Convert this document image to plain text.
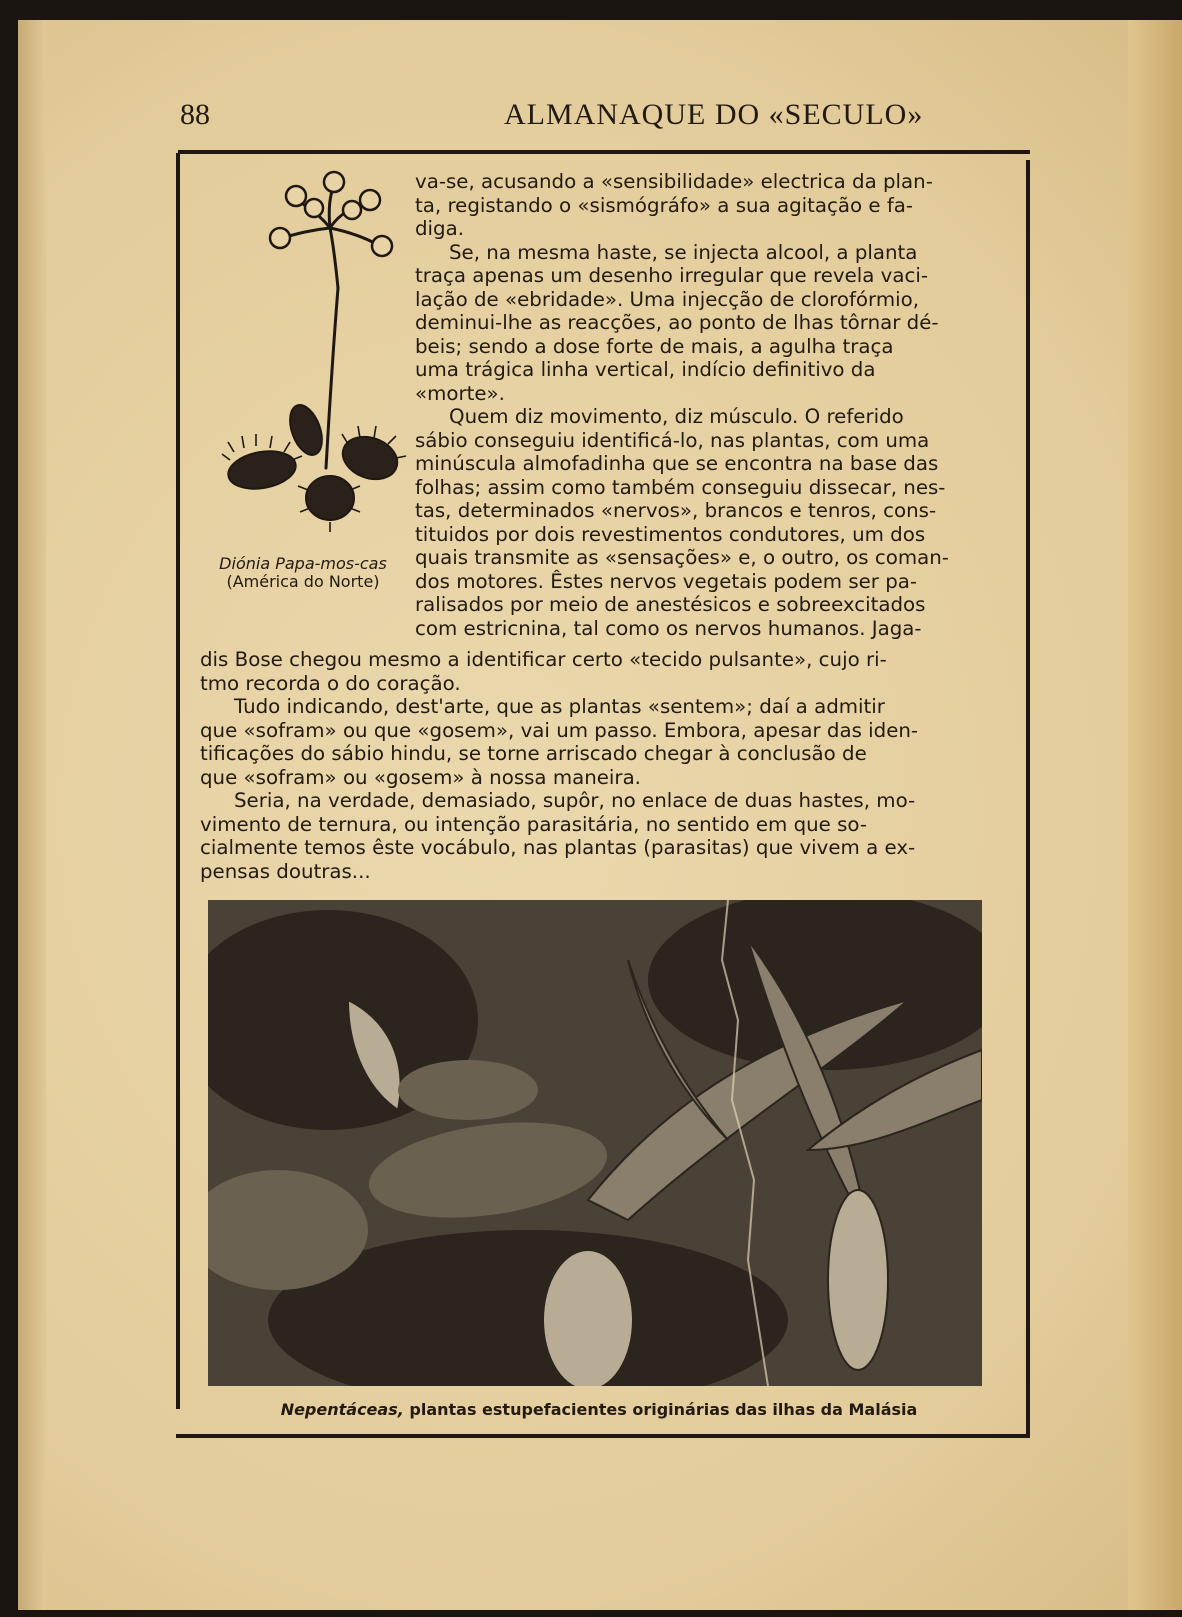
88	ALMANAQUE DO «SECULO»

Diónia Papa-mos-cas (América do Norte)

va-se, acusando a «sensibilidade» electrica da plan-

ta, registando o «sismógráfo» a sua agitação e fa-

diga.

Se, na mesma haste, se injecta alcool, a planta

traça apenas um desenho irregular que revela vaci-

lação de «ebridade». Uma injecção de clorofórmio,

deminui-lhe as reacções, ao ponto de lhas tôrnar dé-

beis; sendo a dose forte de mais, a agulha traça

uma trágica linha vertical, indício definitivo da

«morte».

Quem diz movimento, diz músculo. O referido

sábio conseguiu identificá-lo, nas plantas, com uma

minúscula almofadinha que se encontra na base das

folhas; assim como também conseguiu dissecar, nes-

tas, determinados «nervos», brancos e tenros, cons-

tituidos por dois revestimentos condutores, um dos

quais transmite as «sensações» e, o outro, os coman-

dos motores. Êstes nervos vegetais podem ser pa-

ralisados por meio de anestésicos e sobreexcitados

com estricnina, tal como os nervos humanos. Jaga-

dis Bose chegou mesmo a identificar certo «tecido pulsante», cujo ri-

tmo recorda o do coração.

Tudo indicando, dest'arte, que as plantas «sentem»; daí a admitir

que «sofram» ou que «gosem», vai um passo. Embora, apesar das iden-

tificações do sábio hindu, se torne arriscado chegar à conclusão de

que «sofram» ou «gosem» à nossa maneira.

Seria, na verdade, demasiado, supôr, no enlace de duas hastes, mo-

vimento de ternura, ou intenção parasitária, no sentido em que so-

cialmente temos êste vocábulo, nas plantas (parasitas) que vivem a ex-

pensas doutras...

Nepentáceas, plantas estupefacientes originárias das ilhas da Malásia
